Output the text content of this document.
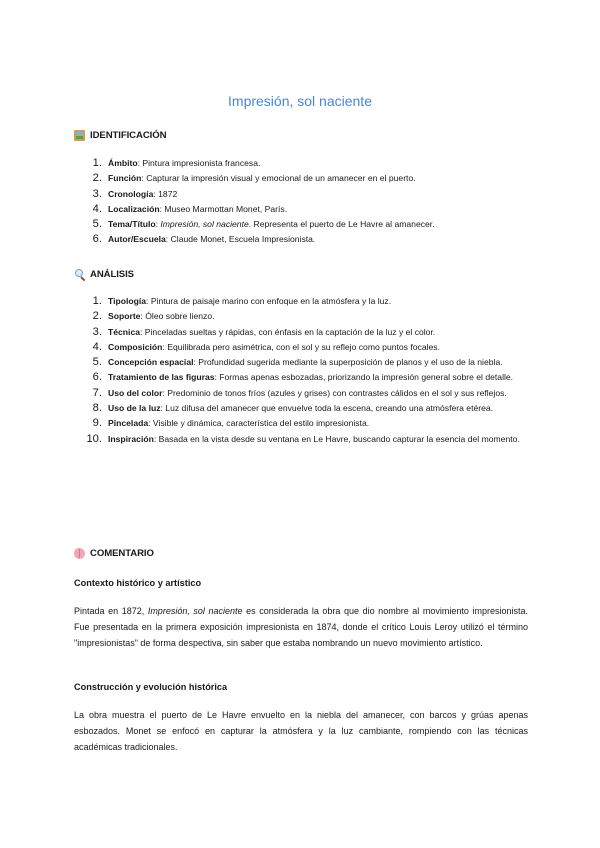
Impresión, sol naciente
IDENTIFICACIÓN
1. Ámbito: Pintura impresionista francesa.
2. Función: Capturar la impresión visual y emocional de un amanecer en el puerto.
3. Cronología: 1872
4. Localización: Museo Marmottan Monet, París.
5. Tema/Título: Impresión, sol naciente. Representa el puerto de Le Havre al amanecer.
6. Autor/Escuela: Claude Monet, Escuela Impresionista.
ANÁLISIS
1. Tipología: Pintura de paisaje marino con enfoque en la atmósfera y la luz.
2. Soporte: Óleo sobre lienzo.
3. Técnica: Pinceladas sueltas y rápidas, con énfasis en la captación de la luz y el color.
4. Composición: Equilibrada pero asimétrica, con el sol y su reflejo como puntos focales.
5. Concepción espacial: Profundidad sugerida mediante la superposición de planos y el uso de la niebla.
6. Tratamiento de las figuras: Formas apenas esbozadas, priorizando la impresión general sobre el detalle.
7. Uso del color: Predominio de tonos fríos (azules y grises) con contrastes cálidos en el sol y sus reflejos.
8. Uso de la luz: Luz difusa del amanecer que envuelve toda la escena, creando una atmósfera etérea.
9. Pincelada: Visible y dinámica, característica del estilo impresionista.
10. Inspiración: Basada en la vista desde su ventana en Le Havre, buscando capturar la esencia del momento.
COMENTARIO
Contexto histórico y artístico

Pintada en 1872, Impresión, sol naciente es considerada la obra que dio nombre al movimiento impresionista. Fue presentada en la primera exposición impresionista en 1874, donde el crítico Louis Leroy utilizó el término "impresionistas" de forma despectiva, sin saber que estaba nombrando un nuevo movimiento artístico.

Construcción y evolución histórica

La obra muestra el puerto de Le Havre envuelto en la niebla del amanecer, con barcos y grúas apenas esbozados. Monet se enfocó en capturar la atmósfera y la luz cambiante, rompiendo con las técnicas académicas tradicionales.
